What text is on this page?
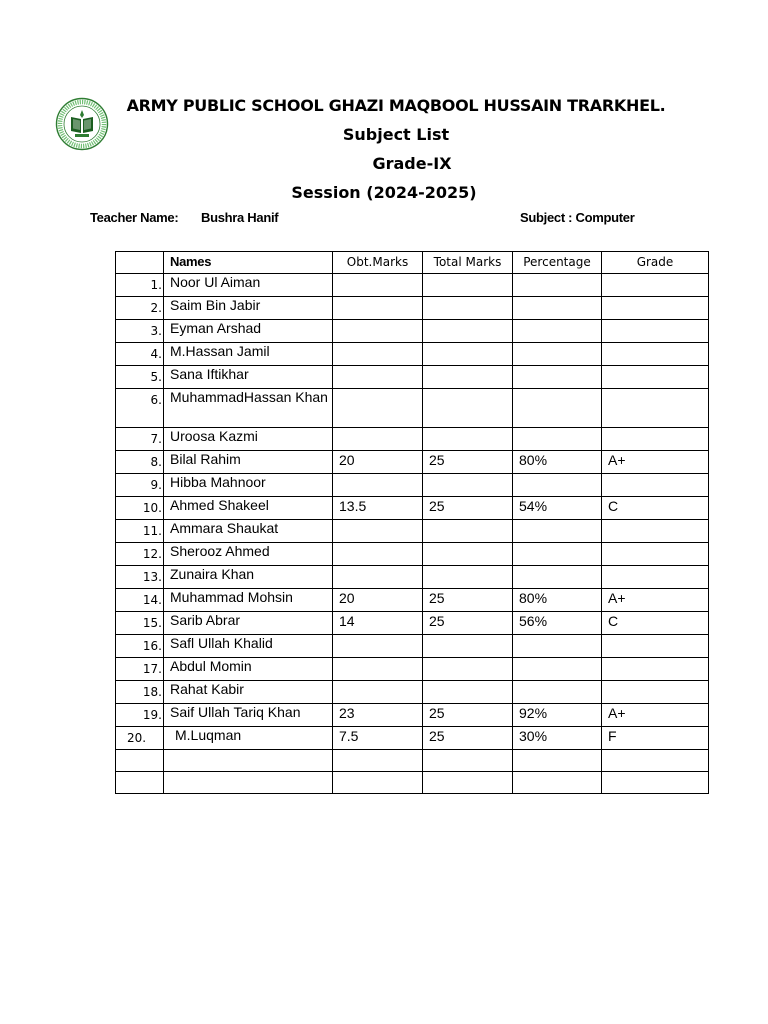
ARMY PUBLIC SCHOOL GHAZI MAQBOOL HUSSAIN TRARKHEL.
Subject List
Grade-IX
Session (2024-2025)
Teacher Name: Bushra Hanif	Subject : Computer
	Names	Obt.Marks	Total Marks	Percentage	Grade
1.	Noor Ul Aiman				
2.	Saim Bin Jabir				
3.	Eyman Arshad				
4.	M.Hassan Jamil				
5.	Sana Iftikhar				
6.	MuhammadHassan Khan				
7.	Uroosa Kazmi				
8.	Bilal Rahim	20	25	80%	A+
9.	Hibba Mahnoor				
10.	Ahmed Shakeel	13.5	25	54%	C
11.	Ammara Shaukat				
12.	Sherooz Ahmed				
13.	Zunaira Khan				
14.	Muhammad Mohsin	20	25	80%	A+
15.	Sarib Abrar	14	25	56%	C
16.	Safl Ullah Khalid				
17.	Abdul Momin				
18.	Rahat Kabir				
19.	Saif Ullah Tariq Khan	23	25	92%	A+
20.	M.Luqman	7.5	25	30%	F
